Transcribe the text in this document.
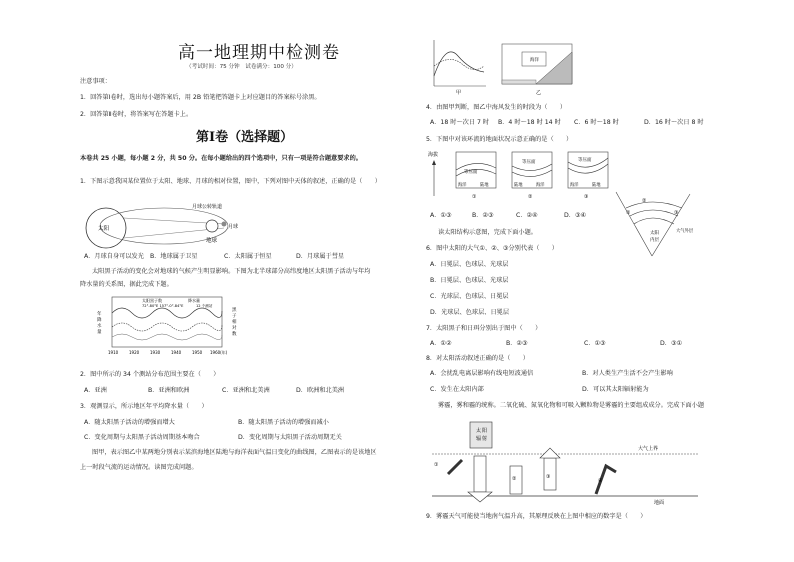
高一地理期中检测卷
（考试时间：75 分钟　试卷满分：100 分）
注意事项：
1．回答第Ⅰ卷时，选出每小题答案后，用 2B 铅笔把答题卡上对应题目的答案标号涂黑。
2．回答第Ⅱ卷时，将答案写在答题卡上。
第Ⅰ卷（选择题）
本卷共 25 小题，每小题 2 分，共 50 分。在每小题给出的四个选项中，只有一项是符合题意要求的。
1．下图示意我国某位置位于太阳、地球、月球的相对位置，图中，下列对图中天体的叙述，正确的是（　　）
太阳
地球
月球
月球公转轨道
A．月球自身可以发光 B．地球属于卫星	C．太阳属于恒星	D．月球属于彗星
太阳黑子活动的变化会对地球的气候产生明显影响。下图为北半球部分高纬度地区太阳黑子活动与年均
降水量的关系图，据此完成下题。
太阳黑子数	降水量
72°-80°E 157°-0°-84°E	12 个测站
年
降
水
量
黑
子
相
对
数
1910	1920	1930	1940	1950 1960(年)
2．图中所示的 34 个测站分布范围主要在（　　）
A．亚洲	B．亚洲和欧洲	C．亚洲和北美洲	D．欧洲和北美洲
3．观测显示，所示地区年平均降水量（　　）
A．随太阳黑子活动的增强而增大	B．随太阳黑子活动的增强而减小
C．变化周期与太阳黑子活动周期基本吻合	D．变化周期与太阳黑子活动周期无关
图甲，表示图乙中某两地分别表示某滨海地区陆地与海洋表面气温日变化的曲线图，乙图表示的是该地区
上一时段气流的运动情况。读图完成问题。
甲
海洋
乙
4．由图甲判断，图乙中海风发生的时段为（　　）
A．18 时～次日 7 时 B．4 时～18 时 14 时 C．6 时～18 时	D．16 时～次日 8 时
5．下图中对该环流的地面状况示意正确的是（　　）
海拔
等压面
海洋	陆地
①
等压面
陆地	海洋
②
等压面
海洋	陆地
③
①
②
③
太阳
内层
大气外层
A．①③	B．②③	C．②④	D．③④
读太阳结构示意图，完成下面小题。
6．图中太阳的大气①、②、③分别代表（　　）
A．日冕层、色球层、光球层
B．日冕层、色球层、光球层
C．光球层、色球层、日冕层
D．光球层、色球层、日冕层
7．太阳黑子和日珥分别出于图中（　　）
A．①②	B．②③	C．①③	D．③①
8．对太阳活动叙述正确的是（　　）
A．会扰乱电离层影响有线电短波通信	B．对人类生产生活不会产生影响
C．发生在太阳内部	D．可以其太阳辐射能为
雾霾，雾和霾的统称。二氧化硫、氮氧化物和可吸入颗粒物是雾霾的主要组成成分。完成下面小题
太 阳
辐 射
①
②	③
④
大气上界
地面
9．雾霾天气可能使当地南气温升高，其原理反映在上图中相应的数字是（　　）
